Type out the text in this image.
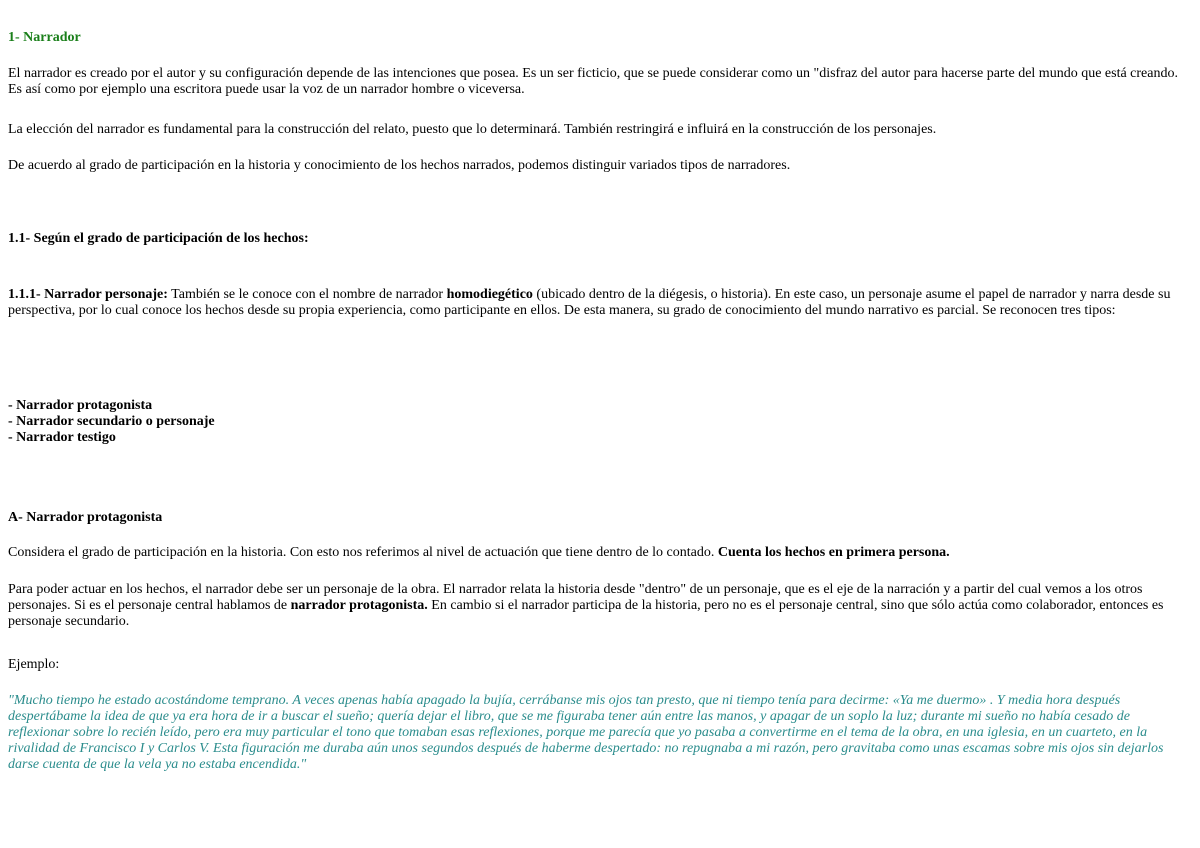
1- Narrador

El narrador es creado por el autor y su configuración depende de las intenciones que posea. Es un ser ficticio, que se puede considerar como un "disfraz del autor para hacerse parte del mundo que está creando. Es así como por ejemplo una escritora puede usar la voz de un narrador hombre o viceversa.

La elección del narrador es fundamental para la construcción del relato, puesto que lo determinará. También restringirá e influirá en la construcción de los personajes.

De acuerdo al grado de participación en la historia y conocimiento de los hechos narrados, podemos distinguir variados tipos de narradores.

1.1- Según el grado de participación de los hechos:

1.1.1- Narrador personaje: También se le conoce con el nombre de narrador homodiegético (ubicado dentro de la diégesis, o historia). En este caso, un personaje asume el papel de narrador y narra desde su perspectiva, por lo cual conoce los hechos desde su propia experiencia, como participante en ellos. De esta manera, su grado de conocimiento del mundo narrativo es parcial. Se reconocen tres tipos:

- Narrador protagonista
- Narrador secundario o personaje
- Narrador testigo
A- Narrador protagonista

Considera el grado de participación en la historia. Con esto nos referimos al nivel de actuación que tiene dentro de lo contado. Cuenta los hechos en primera persona.

Para poder actuar en los hechos, el narrador debe ser un personaje de la obra. El narrador relata la historia desde "dentro" de un personaje, que es el eje de la narración y a partir del cual vemos a los otros personajes. Si es el personaje central hablamos de narrador protagonista. En cambio si el narrador participa de la historia, pero no es el personaje central, sino que sólo actúa como colaborador, entonces es personaje secundario.

Ejemplo:

"Mucho tiempo he estado acostándome temprano. A veces apenas había apagado la bujía, cerrábanse mis ojos tan presto, que ni tiempo tenía para decirme: «Ya me duermo» . Y media hora después despertábame la idea de que ya era hora de ir a buscar el sueño; quería dejar el libro, que se me figuraba tener aún entre las manos, y apagar de un soplo la luz; durante mi sueño no había cesado de reflexionar sobre lo recién leído, pero era muy particular el tono que tomaban esas reflexiones, porque me parecía que yo pasaba a convertirme en el tema de la obra, en una iglesia, en un cuarteto, en la rivalidad de Francisco I y Carlos V. Esta figuración me duraba aún unos segundos después de haberme despertado: no repugnaba a mi razón, pero gravitaba como unas escamas sobre mis ojos sin dejarlos darse cuenta de que la vela ya no estaba encendida."
